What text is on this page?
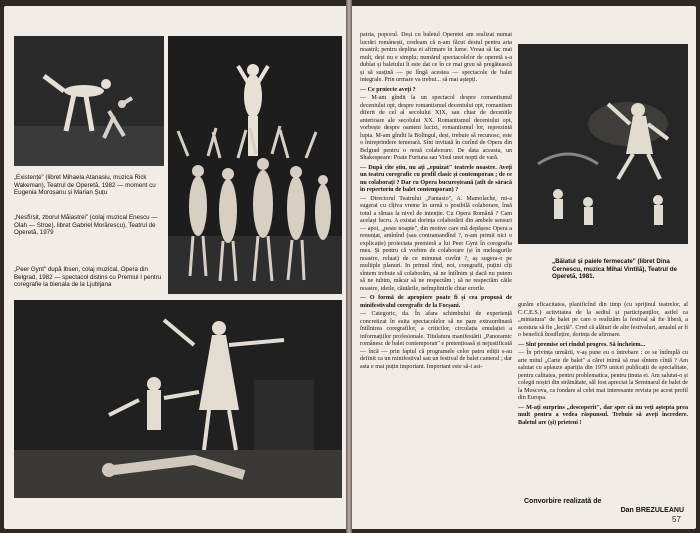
„Existențe" (libret Mihaela Atanasiu, muzica Rick Wakeman), Teatrul de Operetă, 1982 — moment cu Eugenia Moroșanu și Marian Șuțu
„Nesfîrșit, zborul Măiastrei" (colaj muzical Enescu — Olah — Stroe), libret Gabriel Morărescu), Teatrul de Operetă, 1979
„Peer Gynt" după Ibsen, colaj muzical, Opera din Belgrad, 1982 — spectacol distins cu Premiul I pentru coregrafie la bienala de la Ljubljana

patria, poporul. Deși cu baletul Operetei am realizat numai lucrări românești, credeam că n-am făcut destul pentru arta noastră; pentru deplina ei afirmare în lume. Vreau să fac mai mult, deși nu e simplu; numărul spectacolelor de operetă s-a dublat și baletului îi este dat ce în ce mai greu să pregătească și să susțină — pe lîngă acestea — spectacole de balet integrale. Prin urmare va trebui... să mai aștepți.

— Ce proiecte aveți ?

— M-am gîndit la un spectacol despre romantismul deceniului opt, despre romantismul deceniului opt, romantism diferit de cel al secolului XIX, sau chiar de deceniile anterioare ale secolului XX. Romantismul deceniului opt, vorbește despre oameni lucizi, romantismul lor, reprezintă lupta. M-am gîndit la Bolingul, deși, trebuie să recunosc, este o întreprindere temerară. Sînt invitată în curînd de Opera din Belgrad pentru o nouă colaborare. De data aceasta, un Shakespeare: Poate Furtuna sau Visul unei nopți de vară.

— După cîte știu, nu ați „epuizat" teatrele noastre. Aveți un teatru coregrafic cu profil clasic și contemporan ; de ce nu colaborați ? Dar cu Opera bucureșteană (atît de săracă în repertoriu de balet contemporan) ?

— Directorul Teatrului „Fantasio", A. Mamolache, mi-a sugerat cu cîțiva vreme în urmă o posibilă colaborare, însă totul a rămas la nivel de intenție. Cu Opera Română ? Cam același lucru. A existat dorința colaborării din ambele sensuri — apoi, „peste noapte", din motive care mă depășesc Opera a renunțat, amînînd (sau contramandînd ?, n-am primit nici o explicație) proiectata premieră a lui Peer Gynt în coregrafia mea. Și pentru că vorbim de colaborare (și în meleagurile noastre, reluat) de ce minunat cuvînt ?, aș sugera-o pe multiple planuri. In primul rînd, noi, coregrafii, puțini cîți sîntem trebuie să colaborăm, să ne întîlnim și dacă nu putem să ne iubim, măcar să ne respectăm ; să ne respectăm căile noastre, ideile, căutările, neîmplinirile chiar erorile.

— O formă de apropiere poate fi și cea propusă de minifestivalul coregrafic de la Focșani.

— Categoric, da. În afara schimbului de experiență concretizat în suita spectacolelor să ne pare extraordinară întîlnirea coregrafilor, a criticilor, circulația emulației a informațiilor profesionale. Titulatura manifestării „Panoramic românesc de balet contemporan" e pretențioasă și nejustificată — încă — prin faptul că programele celor patru ediții s-au definit ca un minifestival sau un festival de balet cameral ; dar asta e mai puțin important. Important este să-i asi-

„Băiatul și paiele fermecate" (libret Dina Cernescu, muzica Mihai Vintilă), Teatrul de Operetă, 1981.

gurăm eficacitatea, planificînd din timp (cu sprijinul teatrelor, al C.C.E.S.) activitatea de la sediul și participanților, astfel ca „miniatura" de balet pe care o realizăm la festival să fie liberă, a acestuia să fie „lecțiă". Cred că alături de alte festivaluri, anualul ar fi o benefică însuflețire, dorința de afirmare.

— Sînt premise ori rîndul progres. Să încheiem...

— În privința urmării, v-aș pune eu o întrebare : ce se întîmplă cu arte mitul „Carte de balet" a cărei inimă să mai sîntem cîntă ? Am salutat cu aplauze apariția din 1979 unicei publicații de specialitate, pentru calitatea, pentru problematica, pentru ținuta ei. Am salutat-o și colegii noștri din străinătate, săl fost apreciat la Seminarul de balet de la Moscova, ca fondare al celei mai interesante revista pe acest profil din Europa.

— M-ați surprins „descoperit", dar sper că nu veți aștepta prea mult pentru a vedea răspunsul. Trebuie să aveți încredere. Baletul are (și) prieteni !

Convorbire realizată de
Dan BREZULEANU
57
